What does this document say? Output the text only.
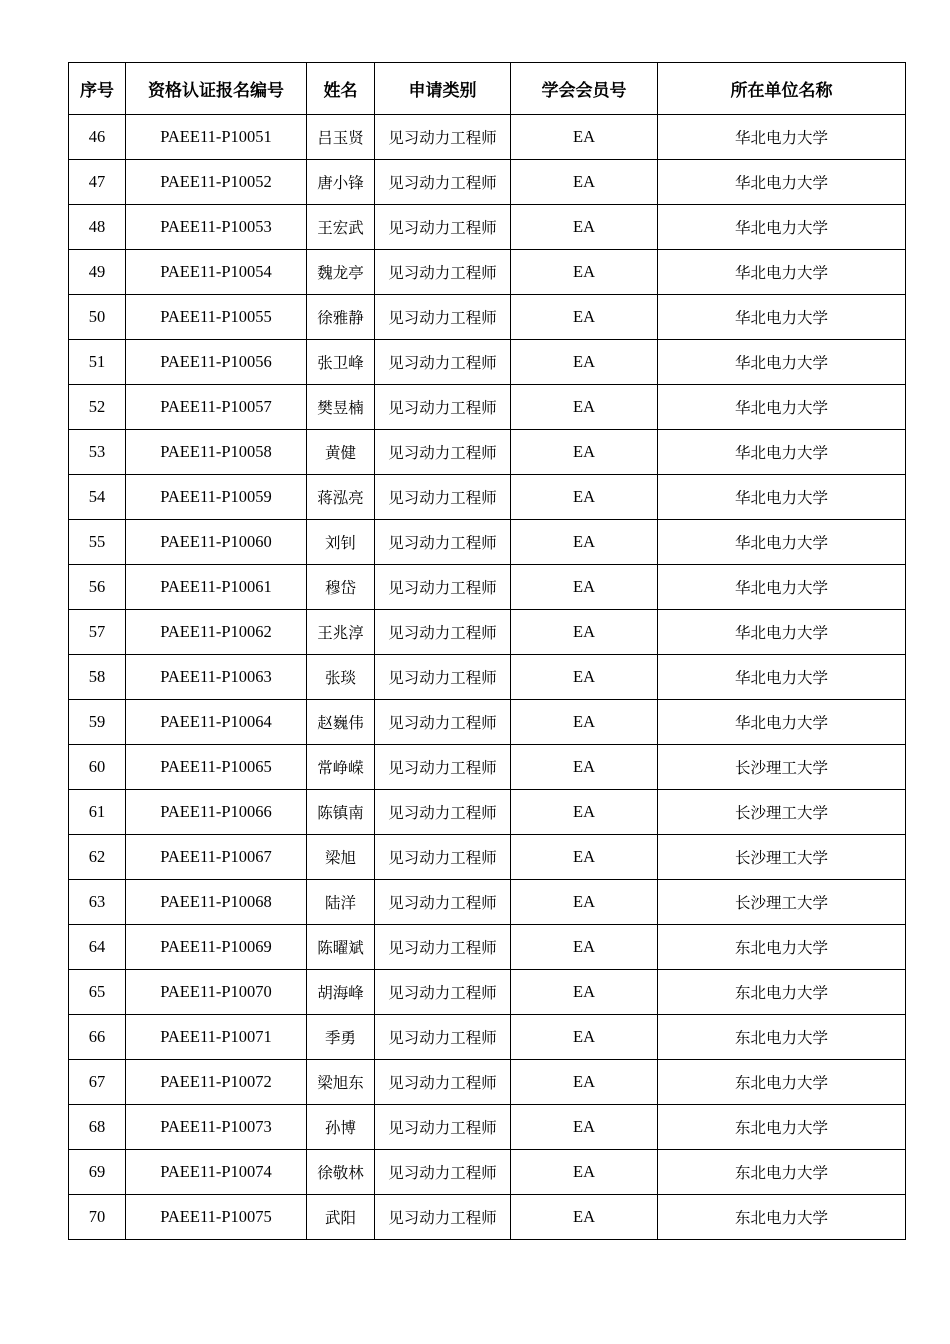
序号	资格认证报名编号	姓名	申请类别	学会会员号	所在单位名称
46	PAEE11-P10051	吕玉贤	见习动力工程师	EA	华北电力大学
47	PAEE11-P10052	唐小锋	见习动力工程师	EA	华北电力大学
48	PAEE11-P10053	王宏武	见习动力工程师	EA	华北电力大学
49	PAEE11-P10054	魏龙亭	见习动力工程师	EA	华北电力大学
50	PAEE11-P10055	徐雅静	见习动力工程师	EA	华北电力大学
51	PAEE11-P10056	张卫峰	见习动力工程师	EA	华北电力大学
52	PAEE11-P10057	樊昱楠	见习动力工程师	EA	华北电力大学
53	PAEE11-P10058	黄健	见习动力工程师	EA	华北电力大学
54	PAEE11-P10059	蒋泓亮	见习动力工程师	EA	华北电力大学
55	PAEE11-P10060	刘钊	见习动力工程师	EA	华北电力大学
56	PAEE11-P10061	穆岱	见习动力工程师	EA	华北电力大学
57	PAEE11-P10062	王兆淳	见习动力工程师	EA	华北电力大学
58	PAEE11-P10063	张琰	见习动力工程师	EA	华北电力大学
59	PAEE11-P10064	赵巍伟	见习动力工程师	EA	华北电力大学
60	PAEE11-P10065	常峥嵘	见习动力工程师	EA	长沙理工大学
61	PAEE11-P10066	陈镇南	见习动力工程师	EA	长沙理工大学
62	PAEE11-P10067	梁旭	见习动力工程师	EA	长沙理工大学
63	PAEE11-P10068	陆洋	见习动力工程师	EA	长沙理工大学
64	PAEE11-P10069	陈曜斌	见习动力工程师	EA	东北电力大学
65	PAEE11-P10070	胡海峰	见习动力工程师	EA	东北电力大学
66	PAEE11-P10071	季勇	见习动力工程师	EA	东北电力大学
67	PAEE11-P10072	梁旭东	见习动力工程师	EA	东北电力大学
68	PAEE11-P10073	孙博	见习动力工程师	EA	东北电力大学
69	PAEE11-P10074	徐敬林	见习动力工程师	EA	东北电力大学
70	PAEE11-P10075	武阳	见习动力工程师	EA	东北电力大学
